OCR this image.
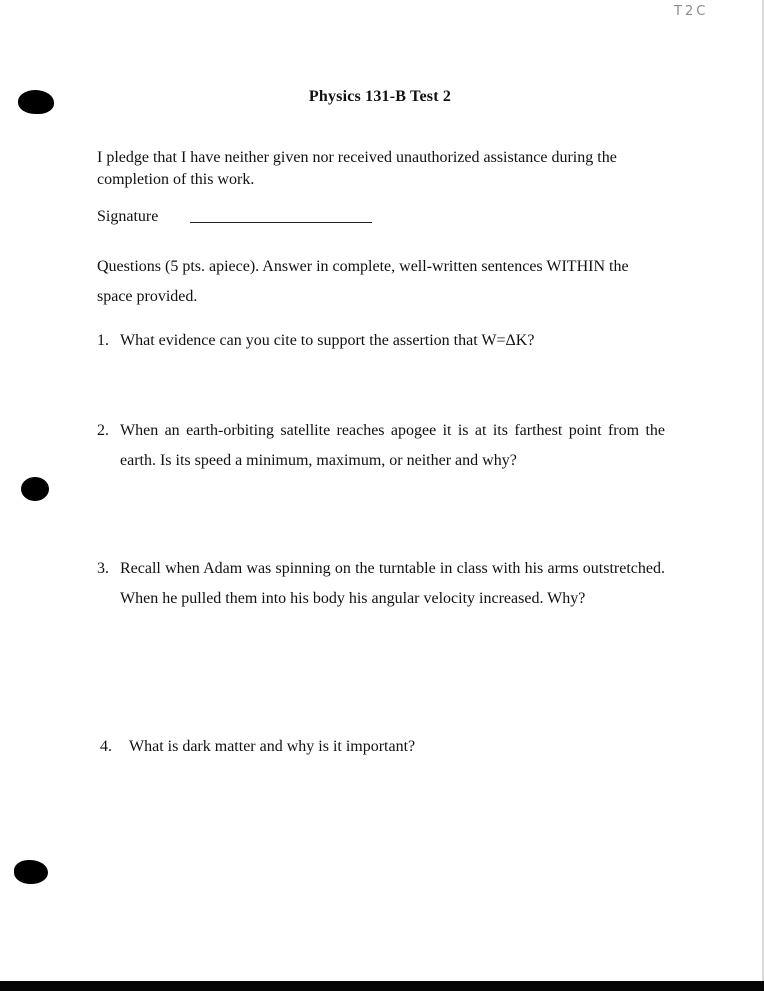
T2C
Physics 131-B Test 2
I pledge that I have neither given nor received unauthorized assistance during the completion of this work.
Signature
Questions (5 pts. apiece). Answer in complete, well-written sentences WITHIN the space provided.
1. What evidence can you cite to support the assertion that W=ΔK?
2. When an earth-orbiting satellite reaches apogee it is at its farthest point from the earth. Is its speed a minimum, maximum, or neither and why?
3. Recall when Adam was spinning on the turntable in class with his arms outstretched. When he pulled them into his body his angular velocity increased. Why?
4. What is dark matter and why is it important?
